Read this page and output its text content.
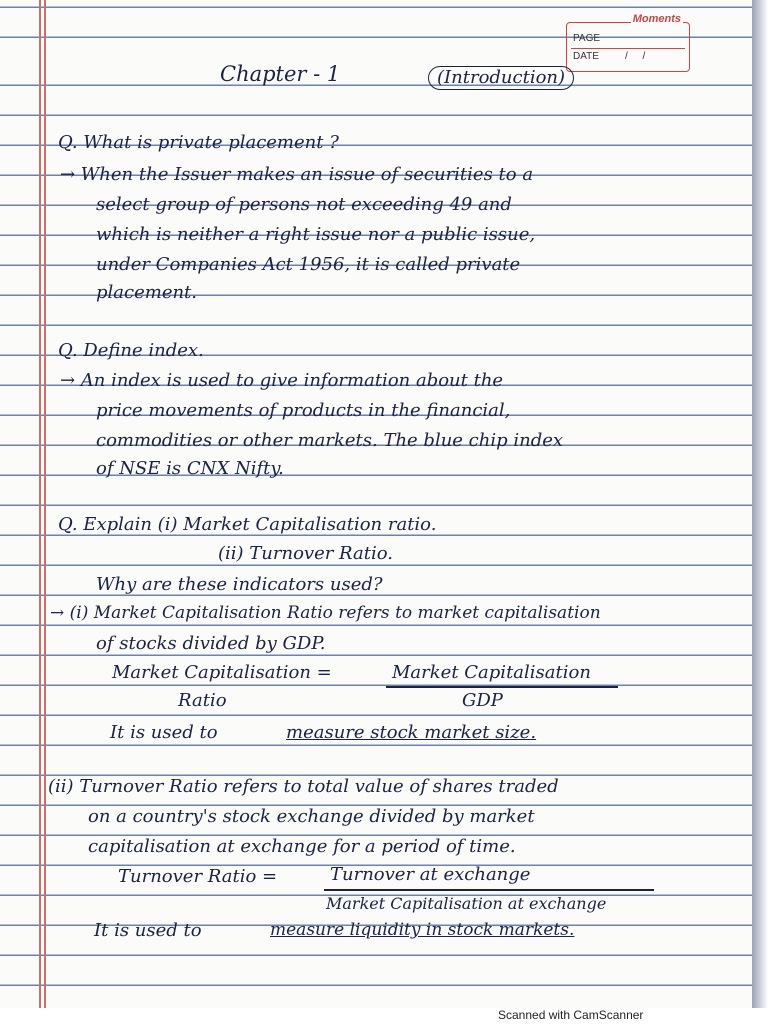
Moments
PAGE
DATE	/ /
Chapter - 1	(Introduction)
Q. What is private placement ?
→ When the Issuer makes an issue of securities to a
select group of persons not exceeding 49 and
which is neither a right issue nor a public issue,
under Companies Act 1956, it is called private
placement.
Q. Define index.
→ An index is used to give information about the
price movements of products in the financial,
commodities or other markets. The blue chip index
of NSE is CNX Nifty.
Q. Explain (i) Market Capitalisation ratio.
(ii) Turnover Ratio.
Why are these indicators used?
→ (i) Market Capitalisation Ratio refers to market capitalisation
of stocks divided by GDP.
Market Capitalisation =
Ratio
Market Capitalisation
GDP
It is used to	measure stock market size.
(ii) Turnover Ratio refers to total value of shares traded
on a country's stock exchange divided by market
capitalisation at exchange for a period of time.
Turnover Ratio =	Turnover at exchange
Market Capitalisation at exchange
It is used to	measure liquidity in stock markets.
Scanned with CamScanner
